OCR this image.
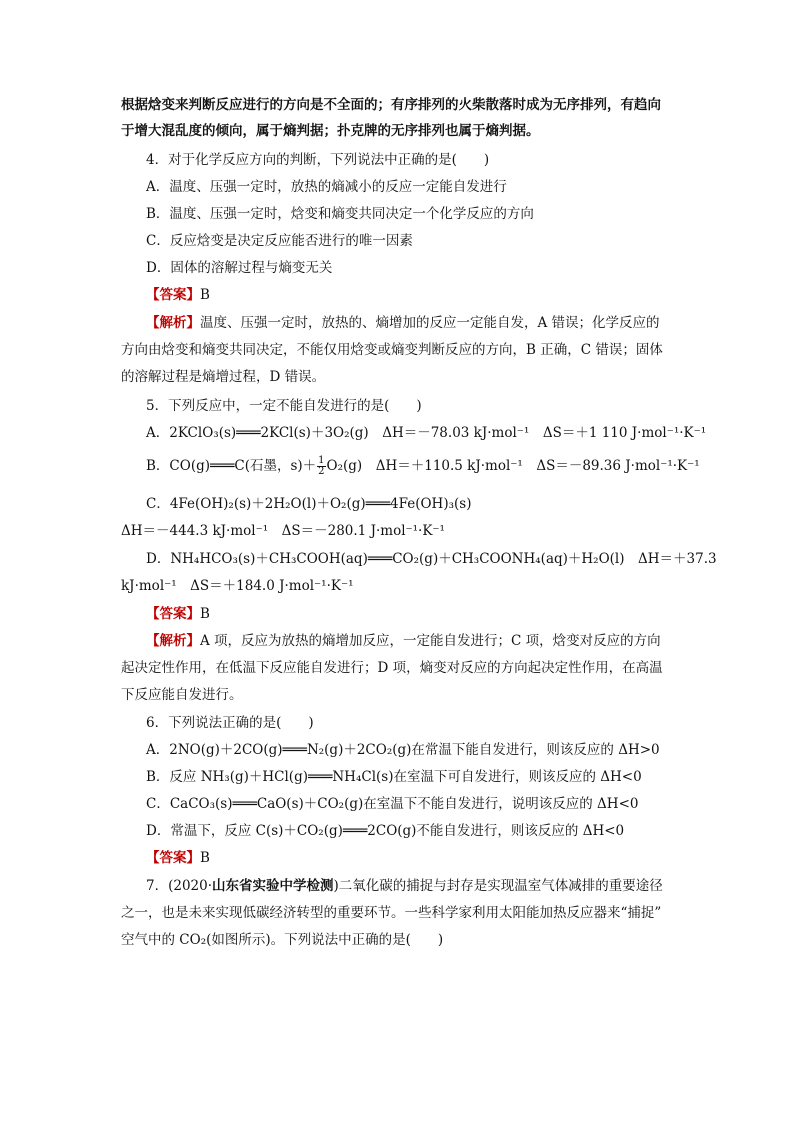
根据焓变来判断反应进行的方向是不全面的；有序排列的火柴散落时成为无序排列，有趋向
于增大混乱度的倾向，属于熵判据；扑克牌的无序排列也属于熵判据。
4．对于化学反应方向的判断，下列说法中正确的是(　　)
A．温度、压强一定时，放热的熵减小的反应一定能自发进行
B．温度、压强一定时，焓变和熵变共同决定一个化学反应的方向
C．反应焓变是决定反应能否进行的唯一因素
D．固体的溶解过程与熵变无关
【答案】B
【解析】温度、压强一定时，放热的、熵增加的反应一定能自发，A 错误；化学反应的
方向由焓变和熵变共同决定，不能仅用焓变或熵变判断反应的方向，B 正确，C 错误；固体
的溶解过程是熵增过程，D 错误。
5．下列反应中，一定不能自发进行的是(　　)
A．2KClO₃(s)═══2KCl(s)＋3O₂(g)　ΔH＝－78.03 kJ·mol⁻¹　ΔS＝＋1 110 J·mol⁻¹·K⁻¹
B．CO(g)═══C(石墨，$s)+ \frac{1}{2} O_2(g)$　ΔH＝＋110.5 kJ·mol⁻¹　ΔS＝－89.36 J·mol⁻¹·K⁻¹
C．4Fe(OH)₂(s)＋2H₂O(l)＋O₂(g)═══4Fe(OH)₃(s)
ΔH＝－444.3 kJ·mol⁻¹　ΔS＝－280.1 J·mol⁻¹·K⁻¹
D．NH₄HCO₃(s)＋CH₃COOH(aq)═══CO₂(g)＋CH₃COONH₄(aq)＋H₂O(l)　ΔH＝＋37.3
kJ·mol⁻¹　ΔS＝＋184.0 J·mol⁻¹·K⁻¹
【答案】B
【解析】A 项，反应为放热的熵增加反应，一定能自发进行；C 项，焓变对反应的方向
起决定性作用，在低温下反应能自发进行；D 项，熵变对反应的方向起决定性作用，在高温
下反应能自发进行。
6．下列说法正确的是(　　)
A．2NO(g)＋2CO(g)═══N₂(g)＋2CO₂(g)在常温下能自发进行，则该反应的 ΔH>0
B．反应 NH₃(g)＋HCl(g)═══NH₄Cl(s)在室温下可自发进行，则该反应的 ΔH<0
C．CaCO₃(s)═══CaO(s)＋CO₂(g)在室温下不能自发进行，说明该反应的 ΔH<0
D．常温下，反应 C(s)＋CO₂(g)═══2CO(g)不能自发进行，则该反应的 ΔH<0
【答案】B
7．(2020·山东省实验中学检测)二氧化碳的捕捉与封存是实现温室气体减排的重要途径
之一，也是未来实现低碳经济转型的重要环节。一些科学家利用太阳能加热反应器来“捕捉”
空气中的 CO₂(如图所示)。下列说法中正确的是(　　)
